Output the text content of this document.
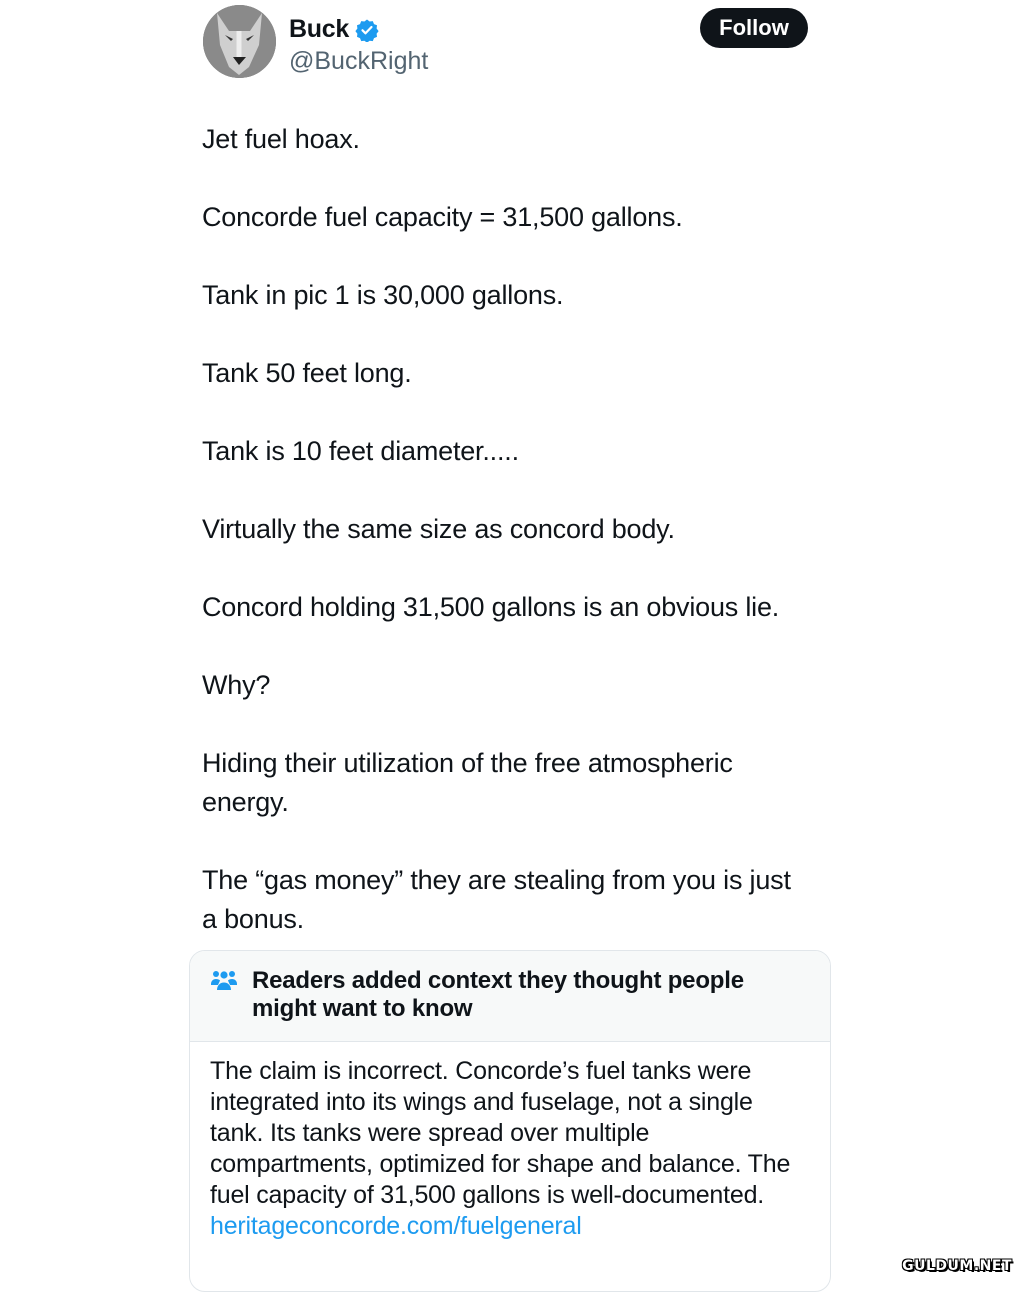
Buck
@BuckRight
Follow

Jet fuel hoax.

Concorde fuel capacity = 31,500 gallons.

Tank in pic 1 is 30,000 gallons.

Tank 50 feet long.

Tank is 10 feet diameter.....

Virtually the same size as concord body.

Concord holding 31,500 gallons is an obvious lie.

Why?

Hiding their utilization of the free atmospheric energy.

The “gas money” they are stealing from you is just a bonus.

Readers added context they thought people might want to know
The claim is incorrect. Concorde’s fuel tanks were integrated into its wings and fuselage, not a single tank. Its tanks were spread over multiple compartments, optimized for shape and balance. The fuel capacity of 31,500 gallons is well-documented.
heritageconcorde.com/fuelgeneral
GULDUM.NET
